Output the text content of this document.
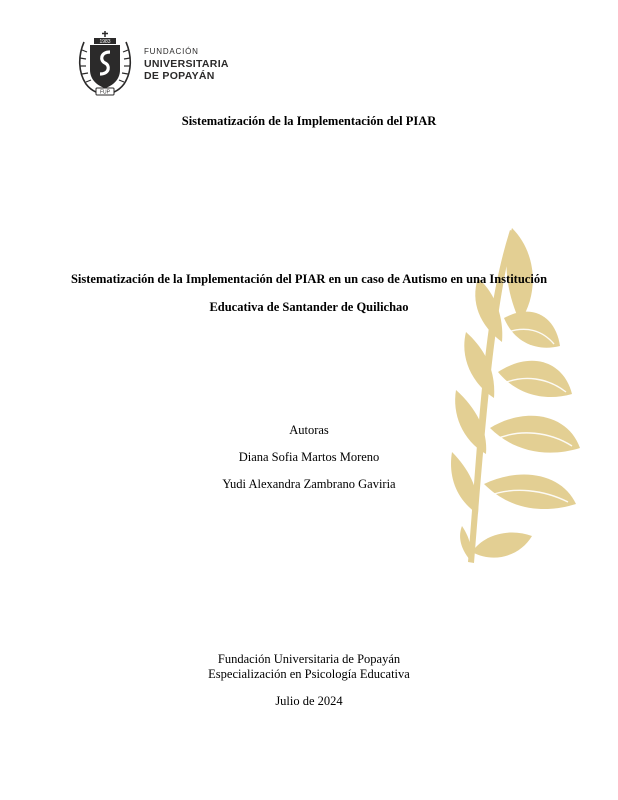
1983
FUP
FUNDACIÓN
UNIVERSITARIA
DE POPAYÁN
Sistematización de la Implementación del PIAR
Sistematización de la Implementación del PIAR en un caso de Autismo en una Institución
Educativa de Santander de Quilichao
Autoras
Diana Sofia Martos Moreno
Yudi Alexandra Zambrano Gaviria
Fundación Universitaria de Popayán
Especialización en Psicología Educativa
Julio de 2024
